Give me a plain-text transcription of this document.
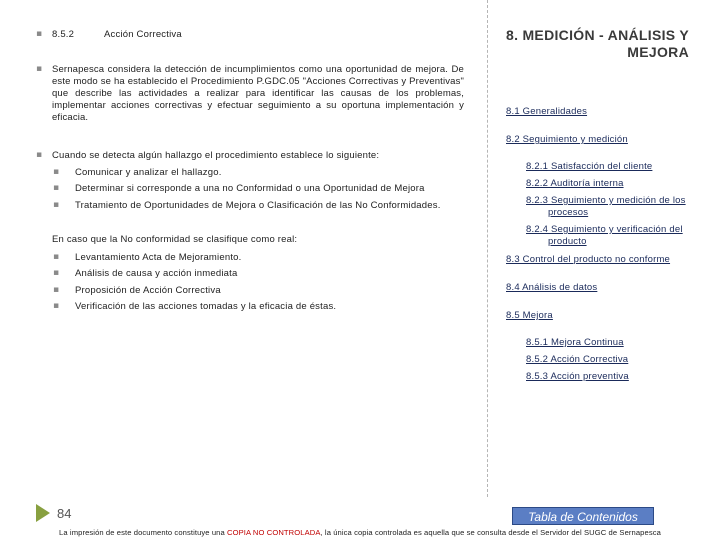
▪ 8.5.2	Acción Correctiva
▪ Sernapesca considera la detección de incumplimientos como una oportunidad de mejora. De este modo se ha establecido el Procedimiento P.GDC.05 "Acciones Correctivas y Preventivas" que describe las actividades a realizar para identificar las causas de los problemas, implementar acciones correctivas y efectuar seguimiento a su oportuna implementación y eficacia.
▪ Cuando se detecta algún hallazgo el procedimiento establece lo siguiente:
▪ Comunicar y analizar el hallazgo.
▪ Determinar si corresponde a una no Conformidad o una Oportunidad de Mejora
▪ Tratamiento de Oportunidades de Mejora o Clasificación de las No Conformidades.
En caso que la No conformidad se clasifique como real:
▪ Levantamiento Acta de Mejoramiento.
▪ Análisis de causa y acción inmediata
▪ Proposición de Acción Correctiva
▪ Verificación de las acciones tomadas y la eficacia de éstas.
8. MEDICIÓN - ANÁLISIS Y
MEJORA
8.1 Generalidades
8.2 Seguimiento y medición
8.2.1 Satisfacción del cliente
8.2.2 Auditoría interna
8.2.3 Seguimiento y medición de los
procesos
8.2.4 Seguimiento y verificación del
producto
8.3 Control del producto no conforme
8.4 Análisis de datos
8.5 Mejora
8.5.1 Mejora Continua
8.5.2 Acción Correctiva
8.5.3 Acción preventiva
84	Tabla de Contenidos
La impresión de este documento constituye una COPIA NO CONTROLADA, la única copia controlada es aquella que se consulta desde el Servidor del SUGC de Sernapesca
